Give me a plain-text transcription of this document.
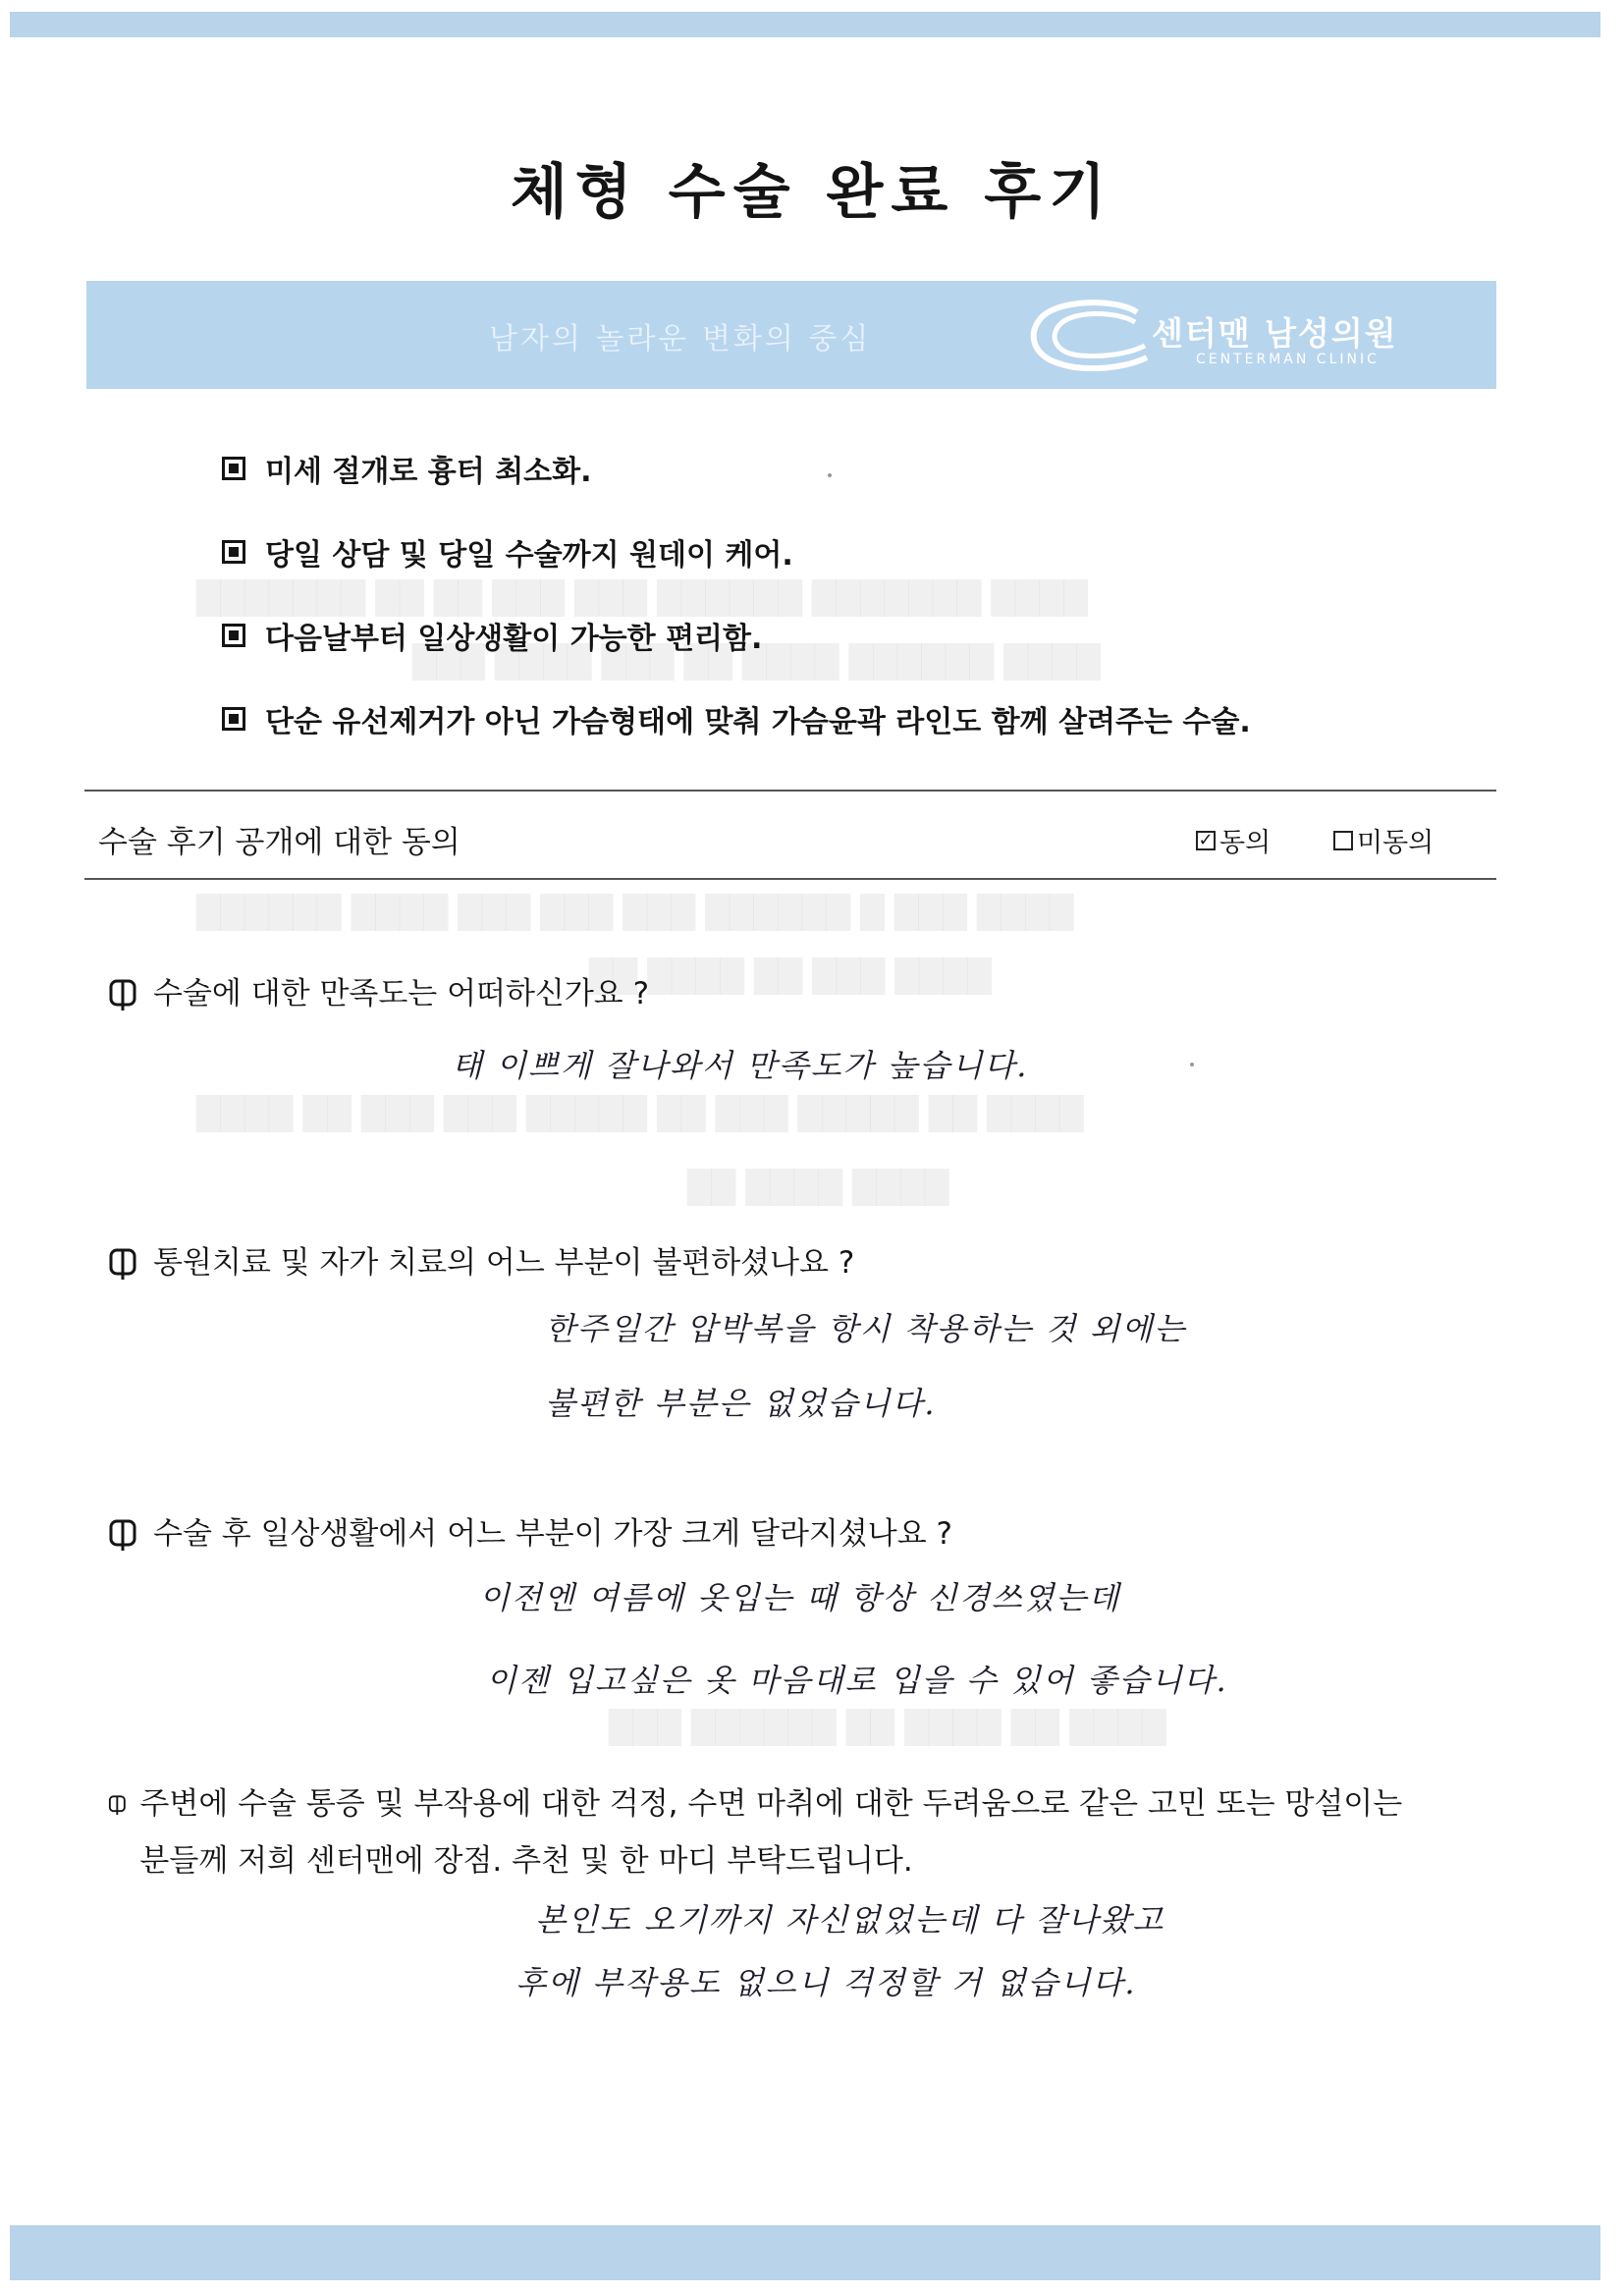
체형 수술 완료 후기
남자의 놀라운 변화의 중심	센터맨 남성의원
CENTERMAN CLINIC
████ ███████ ██████ ███ ███ ██ ██ ███████
████ ██████ ████ ██ ███ ████ ███
████ ███ █ ██████ ███ ███ ███ ████ ██████
████ ███ ██ ████ ██
████ ██ █████ ███ ██ █████ ███ ███ ██ ████
████ ████ ██
████ ██ ████ ██ ██████ ███
미세 절개로 흉터 최소화.
당일 상담 및 당일 수술까지 원데이 케어.
다음날부터 일상생활이 가능한 편리함.
단순 유선제거가 아닌 가슴형태에 맞춰 가슴윤곽 라인도 함께 살려주는 수술.
수술 후기 공개에 대한 동의	✓ 동의	미동의
수술에 대한 만족도는 어떠하신가요 ?
태 이쁘게 잘나와서 만족도가 높습니다.
통원치료 및 자가 치료의 어느 부분이 불편하셨나요 ?
한주일간 압박복을 항시 착용하는 것 외에는
불편한 부분은 없었습니다.
수술 후 일상생활에서 어느 부분이 가장 크게 달라지셨나요 ?
이전엔 여름에 옷입는 때 항상 신경쓰였는데
이젠 입고싶은 옷 마음대로 입을 수 있어 좋습니다.
주변에 수술 통증 및 부작용에 대한 걱정, 수면 마취에 대한 두려움으로 같은 고민 또는 망설이는 분들께 저희 센터맨에 장점. 추천 및 한 마디 부탁드립니다.
본인도 오기까지 자신없었는데 다 잘나왔고
후에 부작용도 없으니 걱정할 거 없습니다.
